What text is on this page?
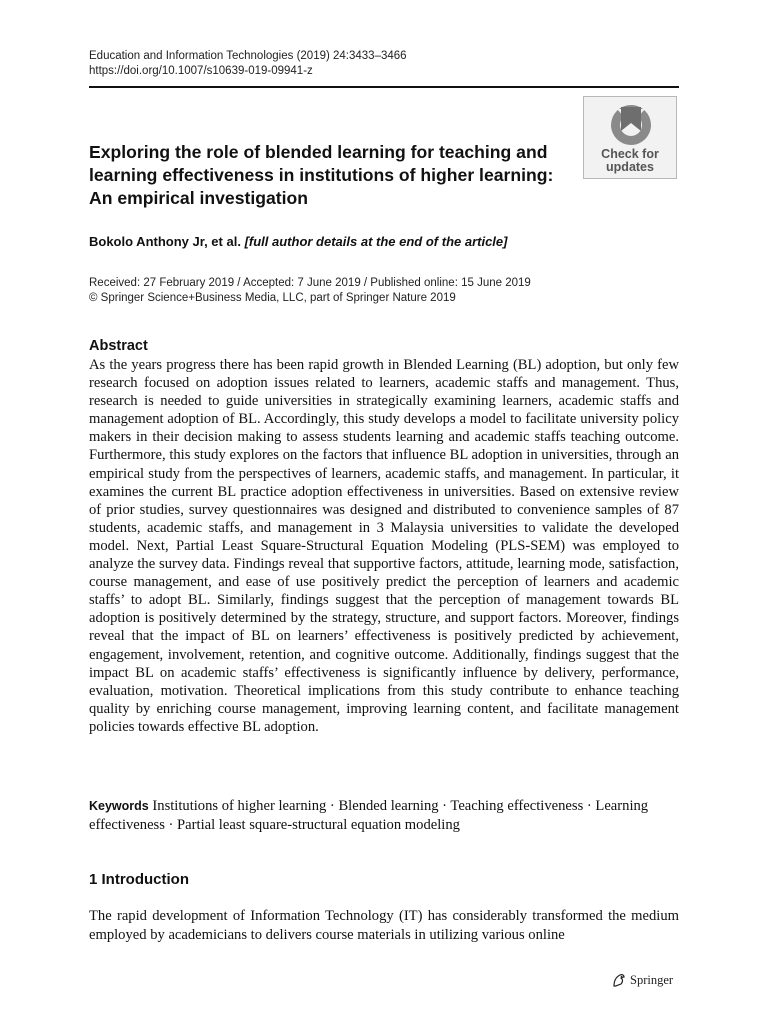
Education and Information Technologies (2019) 24:3433–3466
https://doi.org/10.1007/s10639-019-09941-z
Check for
updates
Exploring the role of blended learning for teaching and learning effectiveness in institutions of higher learning: An empirical investigation
Bokolo Anthony Jr, et al. [full author details at the end of the article]
Received: 27 February 2019 / Accepted: 7 June 2019 / Published online: 15 June 2019
© Springer Science+Business Media, LLC, part of Springer Nature 2019
Abstract

As the years progress there has been rapid growth in Blended Learning (BL) adoption, but only few research focused on adoption issues related to learners, academic staffs and management. Thus, research is needed to guide universities in strategically examining learners, academic staffs and management adoption of BL. Accordingly, this study develops a model to facilitate university policy makers in their decision making to assess students learning and academic staffs teaching outcome. Furthermore, this study explores on the factors that influence BL adoption in universities, through an empirical study from the perspectives of learners, academic staffs, and management. In particular, it examines the current BL practice adoption effectiveness in universities. Based on extensive review of prior studies, survey questionnaires was designed and distributed to convenience samples of 87 students, academic staffs, and management in 3 Malaysia universities to validate the developed model. Next, Partial Least Square-Structural Equation Modeling (PLS-SEM) was employed to analyze the survey data. Findings reveal that supportive factors, attitude, learning mode, satisfaction, course management, and ease of use positively predict the perception of learners and academic staffs’ to adopt BL. Similarly, findings suggest that the perception of management towards BL adoption is positively determined by the strategy, structure, and support factors. Moreover, findings reveal that the impact of BL on learners’ effectiveness is positively predicted by achievement, engagement, involvement, retention, and cognitive outcome. Additionally, findings suggest that the impact BL on academic staffs’ effectiveness is significantly influence by delivery, performance, evaluation, motivation. Theoretical implications from this study contribute to enhance teaching quality by enriching course management, improving learning content, and facilitate management policies towards effective BL adoption.

Keywords Institutions of higher learning · Blended learning · Teaching effectiveness · Learning effectiveness · Partial least square-structural equation modeling

1 Introduction

The rapid development of Information Technology (IT) has considerably transformed the medium employed by academicians to delivers course materials in utilizing various online

Springer
